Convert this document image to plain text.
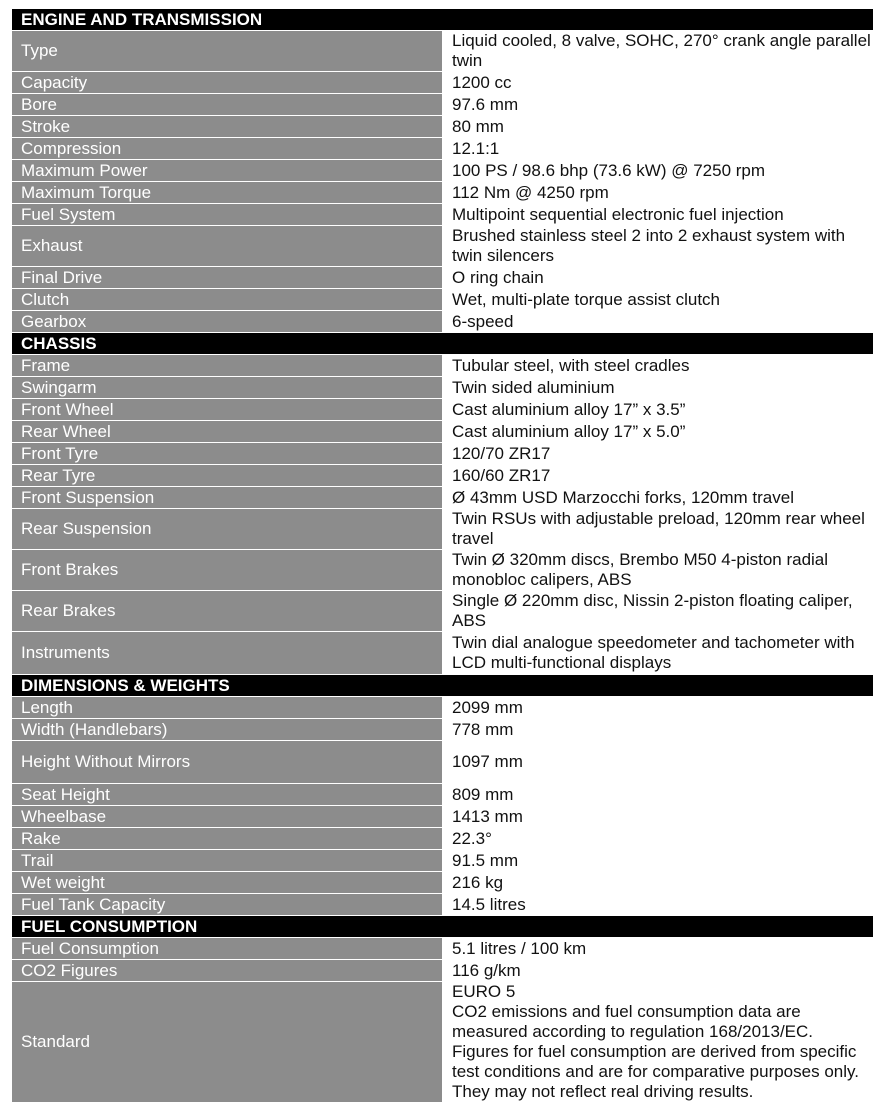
ENGINE AND TRANSMISSION	
Type	Liquid cooled, 8 valve, SOHC, 270° crank angle parallel twin
Capacity	1200 cc
Bore	97.6 mm
Stroke	80 mm
Compression	12.1:1
Maximum Power	100 PS / 98.6 bhp (73.6 kW) @ 7250 rpm
Maximum Torque	112 Nm @ 4250 rpm
Fuel System	Multipoint sequential electronic fuel injection
Exhaust	Brushed stainless steel 2 into 2 exhaust system with twin silencers
Final Drive	O ring chain
Clutch	Wet, multi-plate torque assist clutch
Gearbox	6-speed
CHASSIS	
Frame	Tubular steel, with steel cradles
Swingarm	Twin sided aluminium
Front Wheel	Cast aluminium alloy 17” x 3.5”
Rear Wheel	Cast aluminium alloy 17” x 5.0”
Front Tyre	120/70 ZR17
Rear Tyre	160/60 ZR17
Front Suspension	Ø 43mm USD Marzocchi forks, 120mm travel
Rear Suspension	Twin RSUs with adjustable preload, 120mm rear wheel travel
Front Brakes	Twin Ø 320mm discs, Brembo M50 4-piston radial monobloc calipers, ABS
Rear Brakes	Single Ø 220mm disc, Nissin 2-piston floating caliper, ABS
Instruments	Twin dial analogue speedometer and tachometer with LCD multi-functional displays
DIMENSIONS & WEIGHTS	
Length	2099 mm
Width (Handlebars)	778 mm
Height Without Mirrors	1097 mm
Seat Height	809 mm
Wheelbase	1413 mm
Rake	22.3°
Trail	91.5 mm
Wet weight	216 kg
Fuel Tank Capacity	14.5 litres
FUEL CONSUMPTION	
Fuel Consumption	5.1 litres / 100 km
CO2 Figures	116 g/km
Standard	EURO 5
CO2 emissions and fuel consumption data are measured according to regulation 168/2013/EC. Figures for fuel consumption are derived from specific test conditions and are for comparative purposes only. They may not reflect real driving results.
